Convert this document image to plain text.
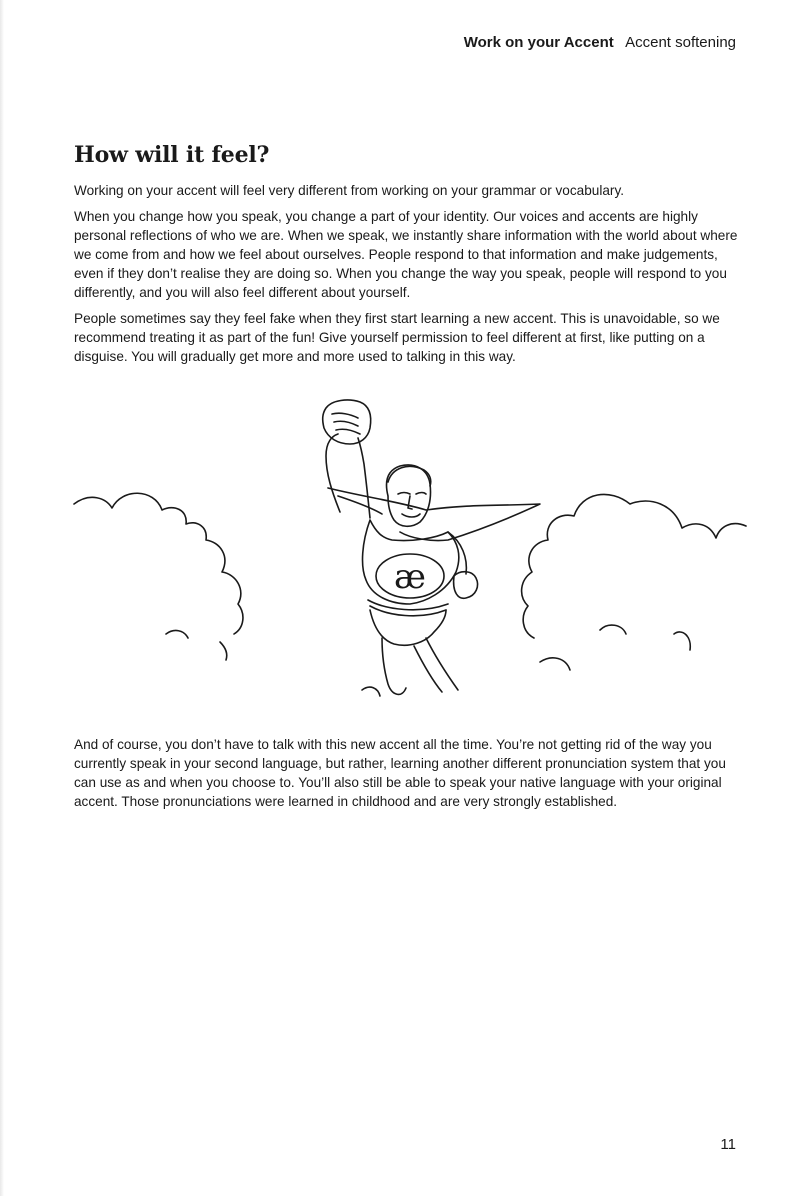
Work on your Accent Accent softening
How will it feel?

Working on your accent will feel very different from working on your grammar or vocabulary.

When you change how you speak, you change a part of your identity. Our voices and accents are highly personal reflections of who we are. When we speak, we instantly share information with the world about where we come from and how we feel about ourselves. People respond to that information and make judgements, even if they don’t realise they are doing so. When you change the way you speak, people will respond to you differently, and you will also feel different about yourself.

People sometimes say they feel fake when they first start learning a new accent. This is unavoidable, so we recommend treating it as part of the fun! Give yourself permission to feel different at first, like putting on a disguise. You will gradually get more and more used to talking in this way.

æ

And of course, you don’t have to talk with this new accent all the time. You’re not getting rid of the way you currently speak in your second language, but rather, learning another different pronunciation system that you can use as and when you choose to. You’ll also still be able to speak your native language with your original accent. Those pronunciations were learned in childhood and are very strongly established.

11
